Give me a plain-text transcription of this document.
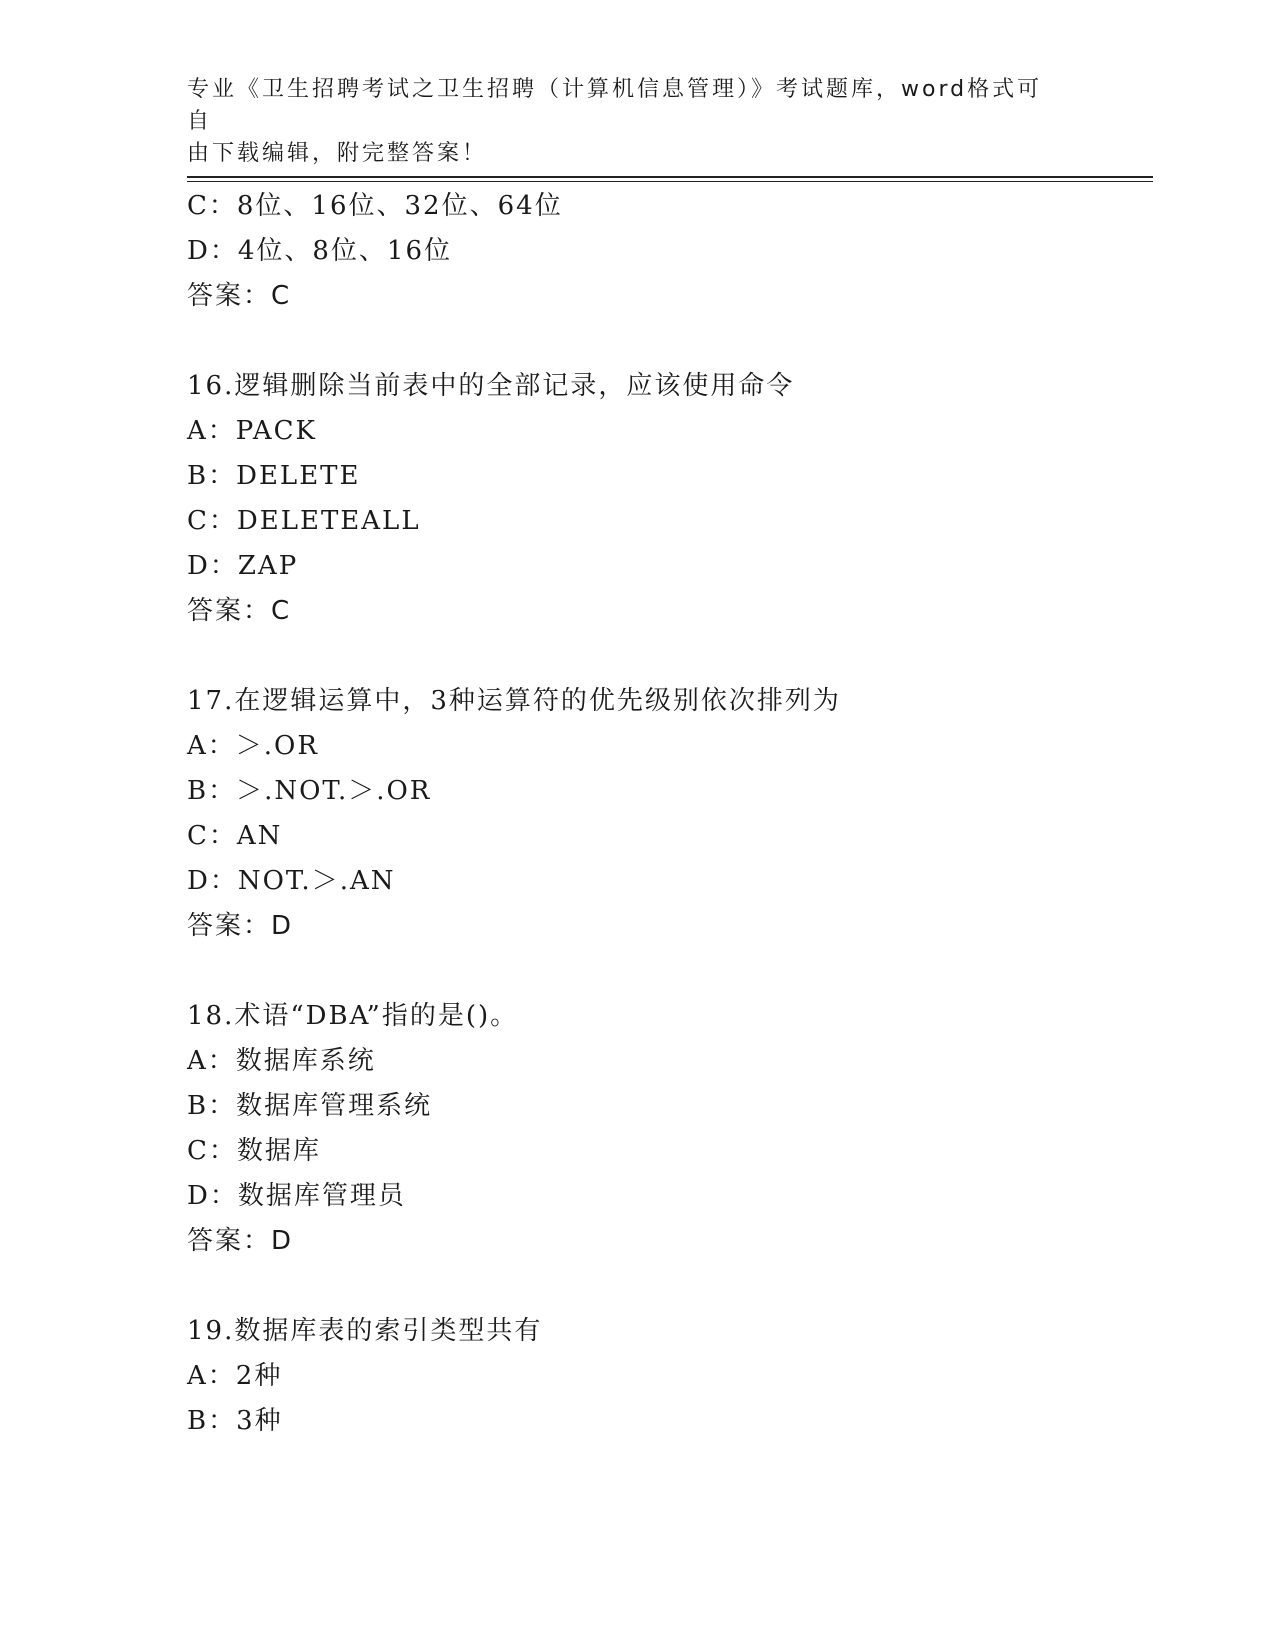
专业《卫生招聘考试之卫生招聘（计算机信息管理）》考试题库，word格式可自
由下载编辑，附完整答案！
C：8位、16位、32位、64位
D：4位、8位、16位
答案：C
16.逻辑删除当前表中的全部记录，应该使用命令
A：PACK
B：DELETE
C：DELETEALL
D：ZAP
答案：C
17.在逻辑运算中，3种运算符的优先级别依次排列为
A：＞.OR
B：＞.NOT.＞.OR
C：AN
D：NOT.＞.AN
答案：D
18.术语“DBA”指的是()。
A：数据库系统
B：数据库管理系统
C：数据库
D：数据库管理员
答案：D
19.数据库表的索引类型共有
A：2种
B：3种
